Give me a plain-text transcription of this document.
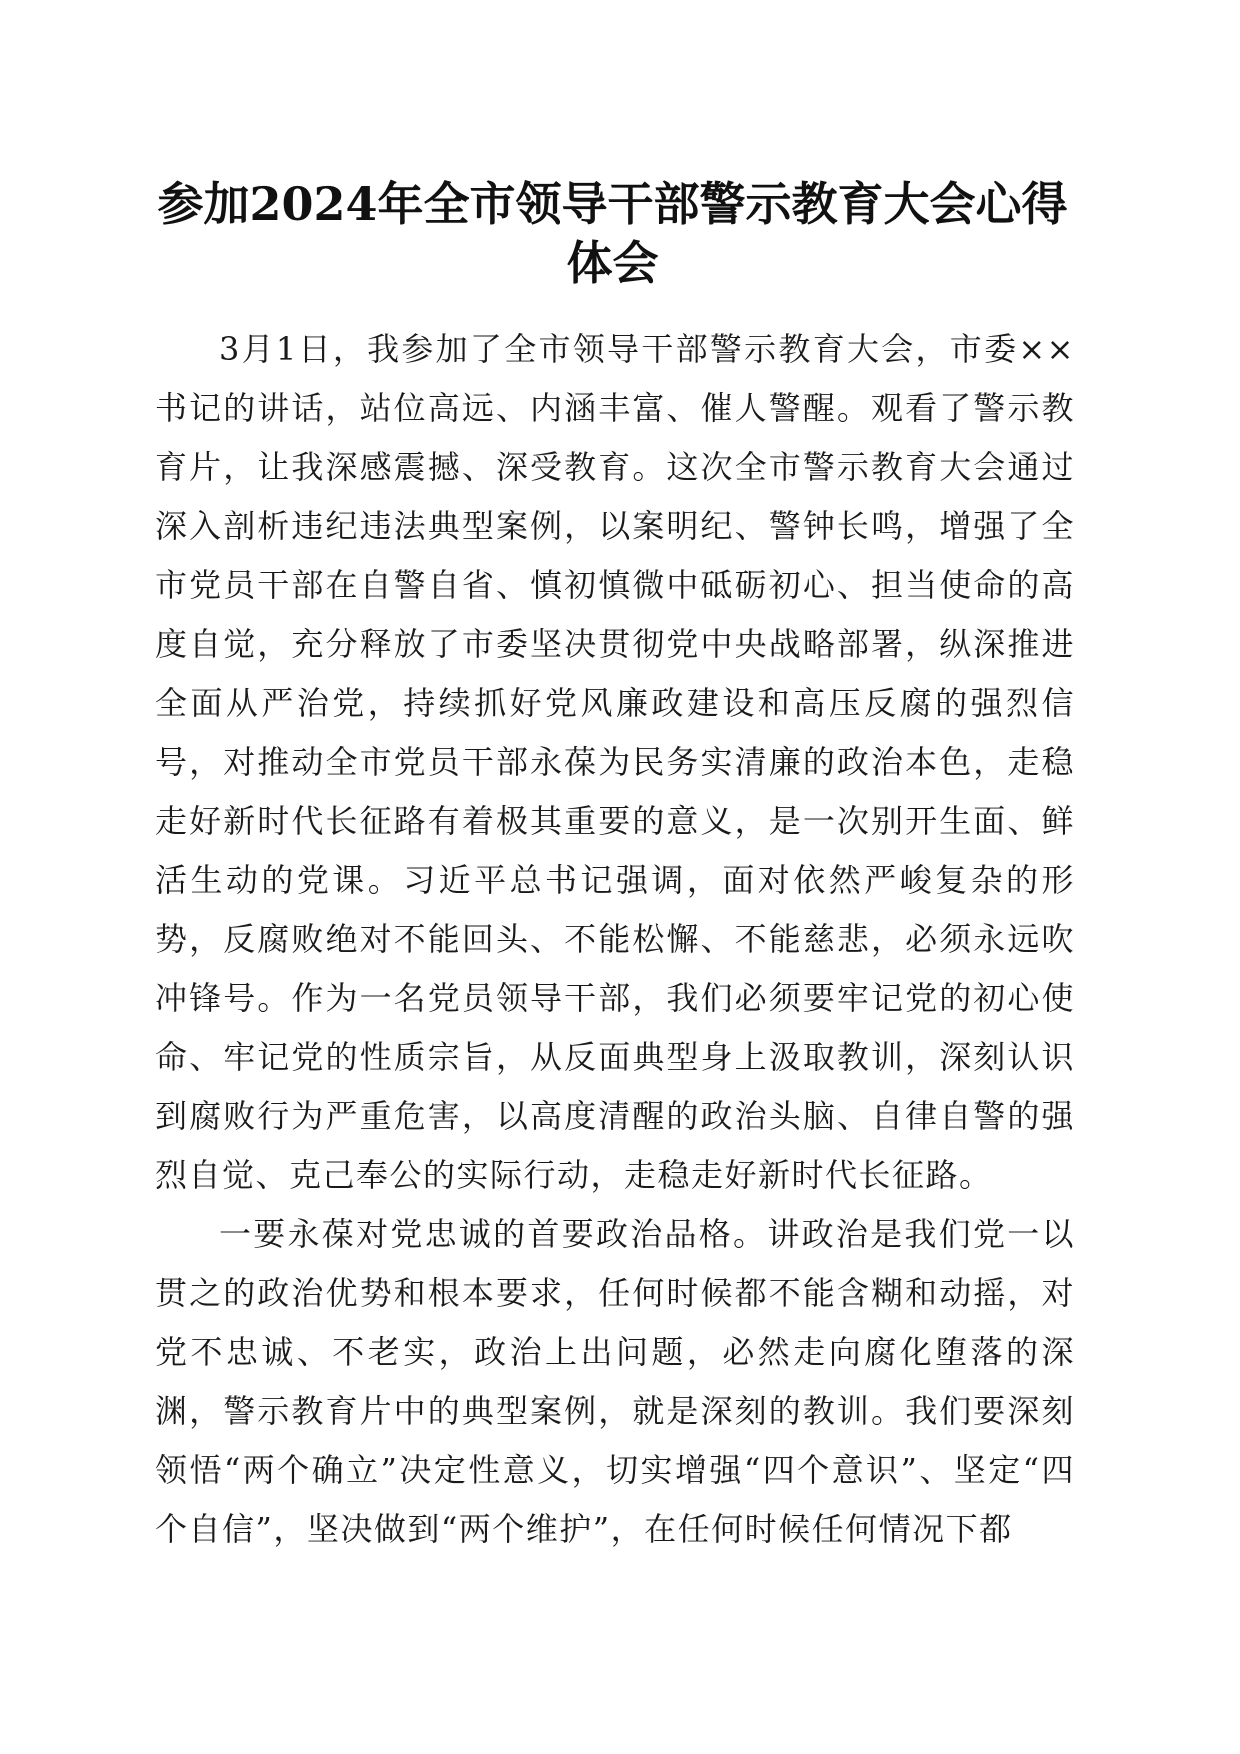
参加2024年全市领导干部警示教育大会心得体会

3月1日，我参加了全市领导干部警示教育大会，市委××书记的讲话，站位高远、内涵丰富、催人警醒。观看了警示教育片，让我深感震撼、深受教育。这次全市警示教育大会通过深入剖析违纪违法典型案例，以案明纪、警钟长鸣，增强了全市党员干部在自警自省、慎初慎微中砥砺初心、担当使命的高度自觉，充分释放了市委坚决贯彻党中央战略部署，纵深推进全面从严治党，持续抓好党风廉政建设和高压反腐的强烈信号，对推动全市党员干部永葆为民务实清廉的政治本色，走稳走好新时代长征路有着极其重要的意义，是一次别开生面、鲜活生动的党课。习近平总书记强调，面对依然严峻复杂的形势，反腐败绝对不能回头、不能松懈、不能慈悲，必须永远吹冲锋号。作为一名党员领导干部，我们必须要牢记党的初心使命、牢记党的性质宗旨，从反面典型身上汲取教训，深刻认识到腐败行为严重危害，以高度清醒的政治头脑、自律自警的强烈自觉、克己奉公的实际行动，走稳走好新时代长征路。

一要永葆对党忠诚的首要政治品格。讲政治是我们党一以贯之的政治优势和根本要求，任何时候都不能含糊和动摇，对党不忠诚、不老实，政治上出问题，必然走向腐化堕落的深渊，警示教育片中的典型案例，就是深刻的教训。我们要深刻领悟“两个确立”决定性意义，切实增强“四个意识”、坚定“四个自信”，坚决做到“两个维护”，在任何时候任何情况下都
